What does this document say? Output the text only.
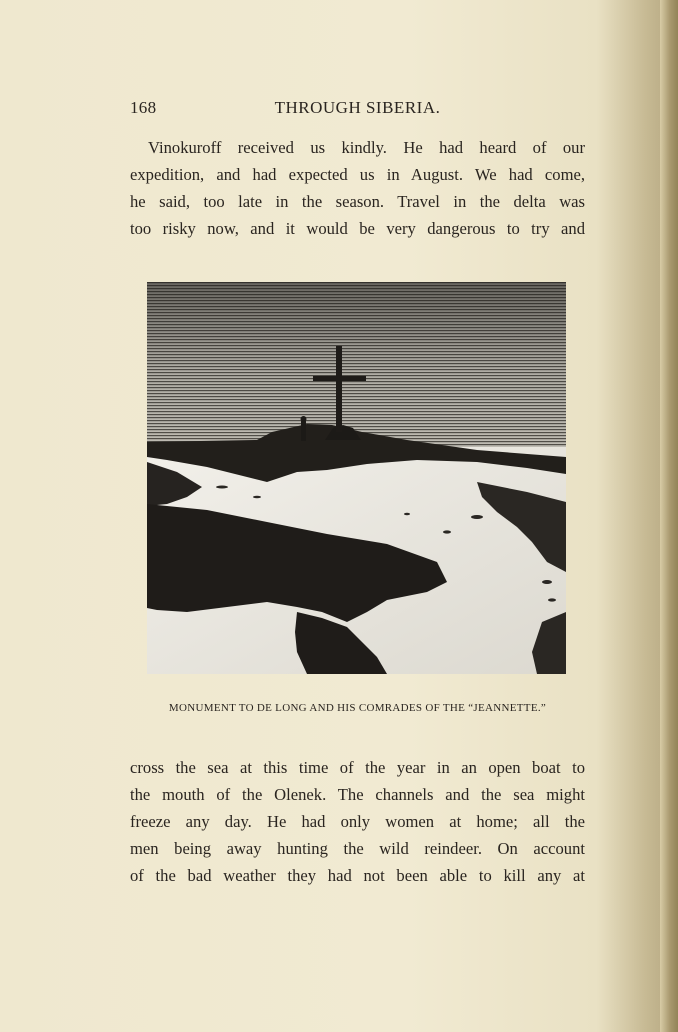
168	THROUGH SIBERIA.
Vinokuroff received us kindly. He had heard of our
expedition, and had expected us in August. We had come,
he said, too late in the season. Travel in the delta was
too risky now, and it would be very dangerous to try and
MONUMENT TO DE LONG AND HIS COMRADES OF THE “JEANNETTE.”
cross the sea at this time of the year in an open boat to
the mouth of the Olenek. The channels and the sea might
freeze any day. He had only women at home; all the
men being away hunting the wild reindeer. On account
of the bad weather they had not been able to kill any at
